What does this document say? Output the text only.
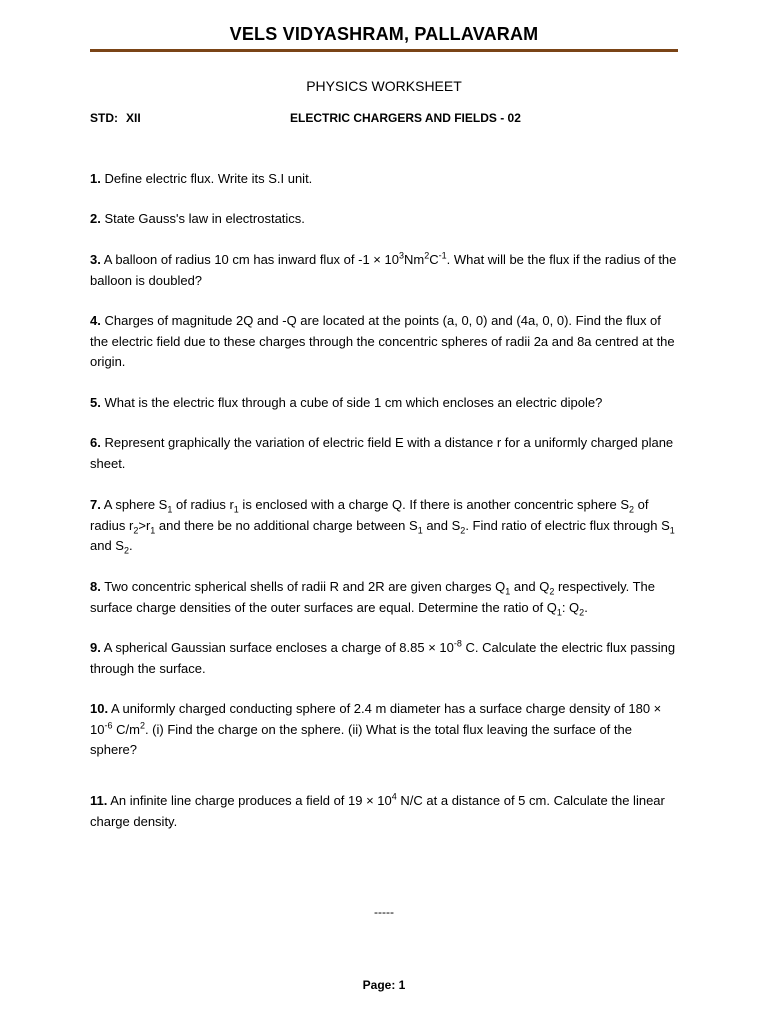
VELS VIDYASHRAM, PALLAVARAM
PHYSICS WORKSHEET
STD: XII	ELECTRIC CHARGERS AND FIELDS - 02
1. Define electric flux. Write its S.I unit.
2. State Gauss's law in electrostatics.
3. A balloon of radius 10 cm has inward flux of $-1 \times 10^3Nm^2C^{-1}$. What will be the flux if the radius of the balloon is doubled?
4. Charges of magnitude 2Q and -Q are located at the points (a, 0, 0) and (4a, 0, 0). Find the flux of the electric field due to these charges through the concentric spheres of radii 2a and 8a centred at the origin.
5. What is the electric flux through a cube of side 1 cm which encloses an electric dipole?
6. Represent graphically the variation of electric field E with a distance r for a uniformly charged plane sheet.
7. A sphere $S_1$ of radius $r_1$ is enclosed with a charge Q. If there is another concentric sphere $S_2$ of radius $r_2>r_1$ and there be no additional charge between $S_1$ and $S_2$. Find ratio of electric flux through $S_1$ and $S_2$.
8. Two concentric spherical shells of radii R and 2R are given charges $Q_1$ and $Q_2$ respectively. The surface charge densities of the outer surfaces are equal. Determine the ratio of $Q_1$: $Q_2$.
9. A spherical Gaussian surface encloses a charge of $8.85 \times 10^{-8}$ C. Calculate the electric flux passing through the surface.
10. A uniformly charged conducting sphere of 2.4 m diameter has a surface charge density of $180 \times 10^{-6}$ $C/m^2$. (i) Find the charge on the sphere. (ii) What is the total flux leaving the surface of the sphere?
11. An infinite line charge produces a field of $19 \times 10^4$ N/C at a distance of 5 cm. Calculate the linear charge density.
-----
Page: 1
